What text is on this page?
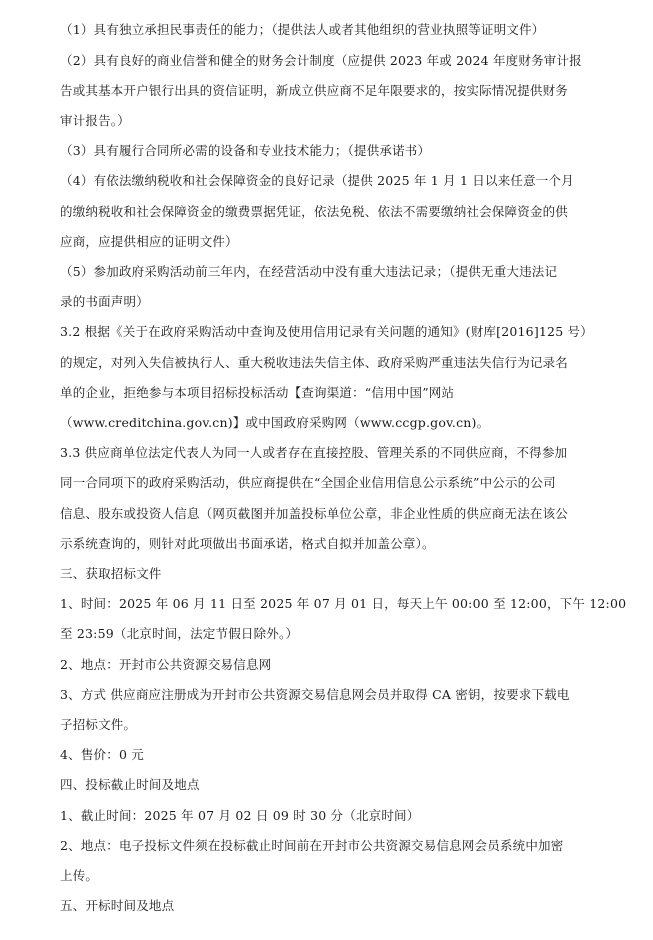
（1）具有独立承担民事责任的能力；（提供法人或者其他组织的营业执照等证明文件）
（2）具有良好的商业信誉和健全的财务会计制度（应提供 2023 年或 2024 年度财务审计报
告或其基本开户银行出具的资信证明，新成立供应商不足年限要求的，按实际情况提供财务
审计报告。）
（3）具有履行合同所必需的设备和专业技术能力；（提供承诺书）
（4）有依法缴纳税收和社会保障资金的良好记录（提供 2025 年 1 月 1 日以来任意一个月
的缴纳税收和社会保障资金的缴费票据凭证，依法免税、依法不需要缴纳社会保障资金的供
应商，应提供相应的证明文件）
（5）参加政府采购活动前三年内，在经营活动中没有重大违法记录；（提供无重大违法记
录的书面声明）
3.2 根据《关于在政府采购活动中查询及使用信用记录有关问题的通知》(财库[2016]125 号）
的规定，对列入失信被执行人、重大税收违法失信主体、政府采购严重违法失信行为记录名
单的企业，拒绝参与本项目招标投标活动【查询渠道：“信用中国”网站
（www.creditchina.gov.cn)】或中国政府采购网（www.ccgp.gov.cn)。
3.3 供应商单位法定代表人为同一人或者存在直接控股、管理关系的不同供应商，不得参加
同一合同项下的政府采购活动，供应商提供在“全国企业信用信息公示系统”中公示的公司
信息、股东或投资人信息（网页截图并加盖投标单位公章，非企业性质的供应商无法在该公
示系统查询的，则针对此项做出书面承诺，格式自拟并加盖公章）。
三、获取招标文件
1、时间：2025 年 06 月 11 日至 2025 年 07 月 01 日，每天上午 00:00 至 12:00，下午 12:00
至 23:59（北京时间，法定节假日除外。）
2、地点：开封市公共资源交易信息网
3、方式 供应商应注册成为开封市公共资源交易信息网会员并取得 CA 密钥，按要求下载电
子招标文件。
4、售价：0 元
四、投标截止时间及地点
1、截止时间：2025 年 07 月 02 日 09 时 30 分（北京时间）
2、地点：电子投标文件须在投标截止时间前在开封市公共资源交易信息网会员系统中加密
上传。
五、开标时间及地点
